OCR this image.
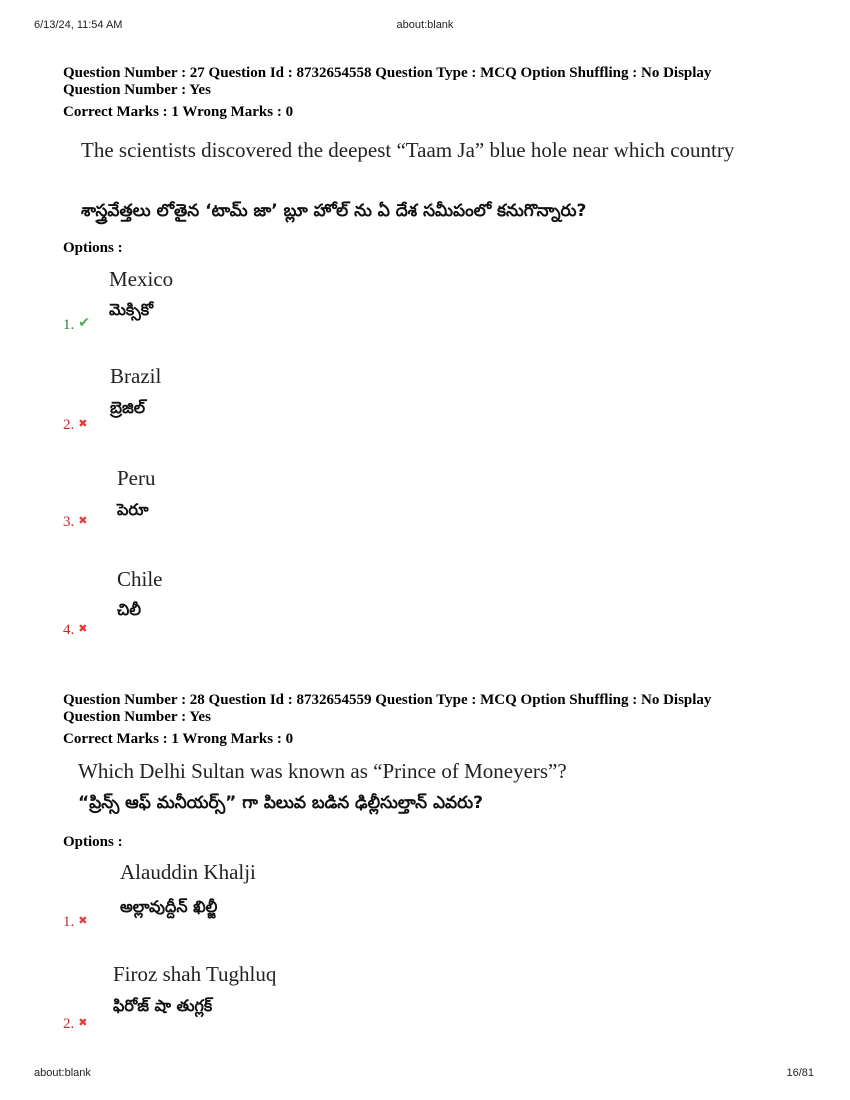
6/13/24, 11:54 AM	about:blank
Question Number : 27 Question Id : 8732654558 Question Type : MCQ Option Shuffling : No Display
Question Number : Yes
Correct Marks : 1 Wrong Marks : 0
The scientists discovered the deepest “Taam Ja” blue hole near which country
శాస్త్రవేత్తలు లోతైన ‘టామ్ జా’ బ్లూ హోల్ ను ఏ దేశ సమీపంలో కనుగొన్నారు?
Options :
Mexico
మెక్సికో
1. ✔
Brazil
బ్రెజిల్
2. ✖
Peru
పెరూ
3. ✖
Chile
చిలీ
4. ✖
Question Number : 28 Question Id : 8732654559 Question Type : MCQ Option Shuffling : No Display
Question Number : Yes
Correct Marks : 1 Wrong Marks : 0
Which Delhi Sultan was known as “Prince of Moneyers”?
“ప్రిన్స్ ఆఫ్ మనీయర్స్” గా పిలువ బడిన ఢిల్లీసుల్తాన్ ఎవరు?
Options :
Alauddin Khalji
అల్లావుద్దీన్ ఖిల్జీ
1. ✖
Firoz shah Tughluq
ఫిరోజ్ షా తుగ్లక్
2. ✖
about:blank	16/81
